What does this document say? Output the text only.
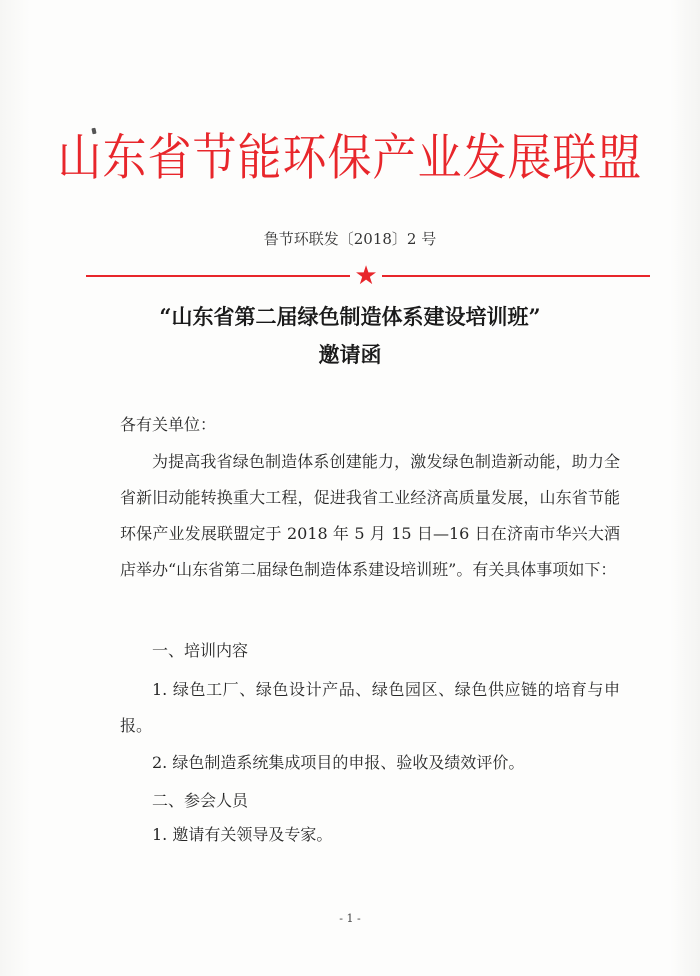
山东省节能环保产业发展联盟
鲁节环联发〔2018〕2 号
★
“山东省第二届绿色制造体系建设培训班”
邀请函
各有关单位：

为提高我省绿色制造体系创建能力，激发绿色制造新动能，助力全省新旧动能转换重大工程，促进我省工业经济高质量发展，山东省节能环保产业发展联盟定于 2018 年 5 月 15 日—16 日在济南市华兴大酒店举办“山东省第二届绿色制造体系建设培训班”。有关具体事项如下：

一、培训内容
1. 绿色工厂、绿色设计产品、绿色园区、绿色供应链的培育与申报。
2. 绿色制造系统集成项目的申报、验收及绩效评价。
二、参会人员
1. 邀请有关领导及专家。
- 1 -
